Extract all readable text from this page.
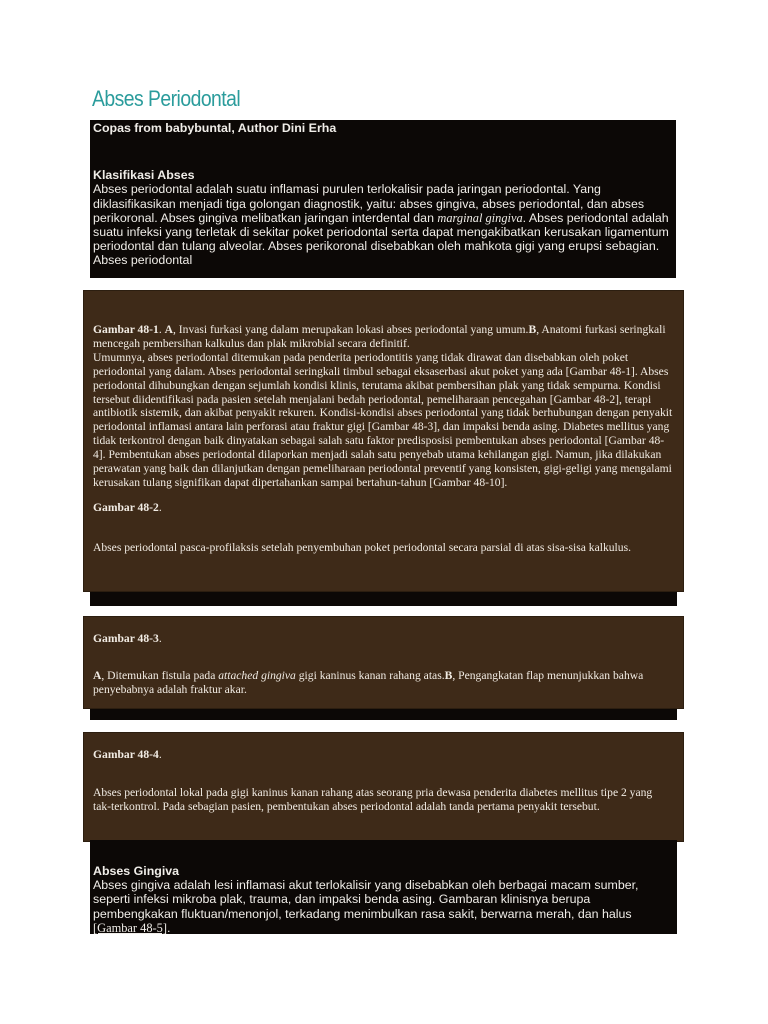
Abses Periodontal

Copas from babybuntal, Author Dini Erha

Klasifikasi Abses

Abses periodontal adalah suatu inflamasi purulen terlokalisir pada jaringan periodontal. Yang diklasifikasikan menjadi tiga golongan diagnostik, yaitu: abses gingiva, abses periodontal, dan abses perikoronal. Abses gingiva melibatkan jaringan interdental dan marginal gingiva. Abses periodontal adalah suatu infeksi yang terletak di sekitar poket periodontal serta dapat mengakibatkan kerusakan ligamentum periodontal dan tulang alveolar. Abses perikoronal disebabkan oleh mahkota gigi yang erupsi sebagian.

Abses periodontal

Gambar 48-1. A, Invasi furkasi yang dalam merupakan lokasi abses periodontal yang umum.B, Anatomi furkasi seringkali mencegah pembersihan kalkulus dan plak mikrobial secara definitif.

Umumnya, abses periodontal ditemukan pada penderita periodontitis yang tidak dirawat dan disebabkan oleh poket periodontal yang dalam. Abses periodontal seringkali timbul sebagai eksaserbasi akut poket yang ada [Gambar 48-1]. Abses periodontal dihubungkan dengan sejumlah kondisi klinis, terutama akibat pembersihan plak yang tidak sempurna. Kondisi tersebut diidentifikasi pada pasien setelah menjalani bedah periodontal, pemeliharaan pencegahan [Gambar 48-2], terapi antibiotik sistemik, dan akibat penyakit rekuren. Kondisi-kondisi abses periodontal yang tidak berhubungan dengan penyakit periodontal inflamasi antara lain perforasi atau fraktur gigi [Gambar 48-3], dan impaksi benda asing. Diabetes mellitus yang tidak terkontrol dengan baik dinyatakan sebagai salah satu faktor predisposisi pembentukan abses periodontal [Gambar 48-4]. Pembentukan abses periodontal dilaporkan menjadi salah satu penyebab utama kehilangan gigi. Namun, jika dilakukan perawatan yang baik dan dilanjutkan dengan pemeliharaan periodontal preventif yang konsisten, gigi-geligi yang mengalami kerusakan tulang signifikan dapat dipertahankan sampai bertahun-tahun [Gambar 48-10].

Gambar 48-2.

Abses periodontal pasca-profilaksis setelah penyembuhan poket periodontal secara parsial di atas sisa-sisa kalkulus.

Gambar 48-3.

A, Ditemukan fistula pada attached gingiva gigi kaninus kanan rahang atas.B, Pengangkatan flap menunjukkan bahwa penyebabnya adalah fraktur akar.

Gambar 48-4.

Abses periodontal lokal pada gigi kaninus kanan rahang atas seorang pria dewasa penderita diabetes mellitus tipe 2 yang tak-terkontrol. Pada sebagian pasien, pembentukan abses periodontal adalah tanda pertama penyakit tersebut.

Abses Gingiva

Abses gingiva adalah lesi inflamasi akut terlokalisir yang disebabkan oleh berbagai macam sumber, seperti infeksi mikroba plak, trauma, dan impaksi benda asing. Gambaran klinisnya berupa pembengkakan fluktuan/menonjol, terkadang menimbulkan rasa sakit, berwarna merah, dan halus [Gambar 48-5].
